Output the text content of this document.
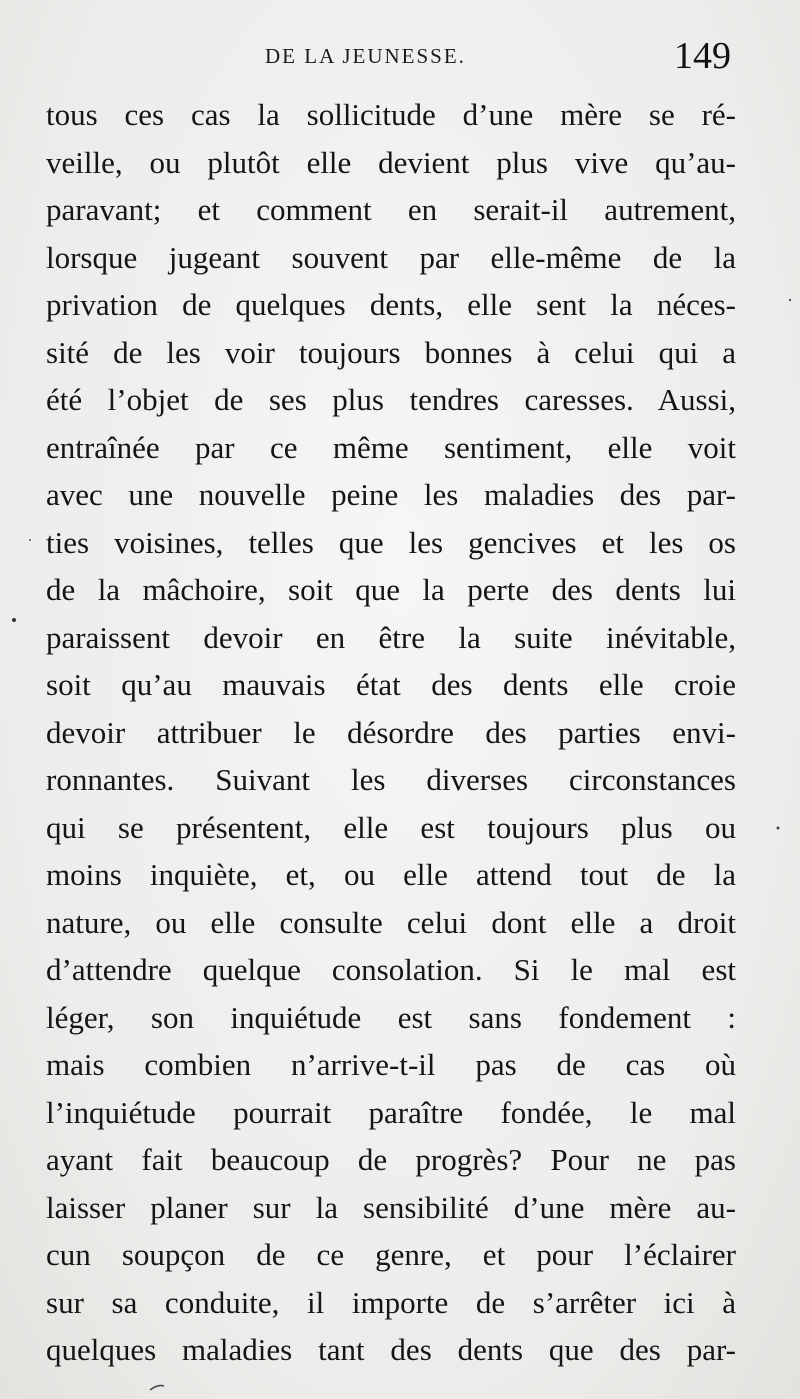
DE LA JEUNESSE.	149
tous ces cas la sollicitude d’une mère se ré-
veille, ou plutôt elle devient plus vive qu’au-
paravant; et comment en serait-il autrement,
lorsque jugeant souvent par elle-même de la
privation de quelques dents, elle sent la néces-
sité de les voir toujours bonnes à celui qui a
été l’objet de ses plus tendres caresses. Aussi,
entraînée par ce même sentiment, elle voit
avec une nouvelle peine les maladies des par-
ties voisines, telles que les gencives et les os
de la mâchoire, soit que la perte des dents lui
paraissent devoir en être la suite inévitable,
soit qu’au mauvais état des dents elle croie
devoir attribuer le désordre des parties envi-
ronnantes. Suivant les diverses circonstances
qui se présentent, elle est toujours plus ou
moins inquiète, et, ou elle attend tout de la
nature, ou elle consulte celui dont elle a droit
d’attendre quelque consolation. Si le mal est
léger, son inquiétude est sans fondement :
mais combien n’arrive-t-il pas de cas où
l’inquiétude pourrait paraître fondée, le mal
ayant fait beaucoup de progrès? Pour ne pas
laisser planer sur la sensibilité d’une mère au-
cun soupçon de ce genre, et pour l’éclairer
sur sa conduite, il importe de s’arrêter ici à
quelques maladies tant des dents que des par-
